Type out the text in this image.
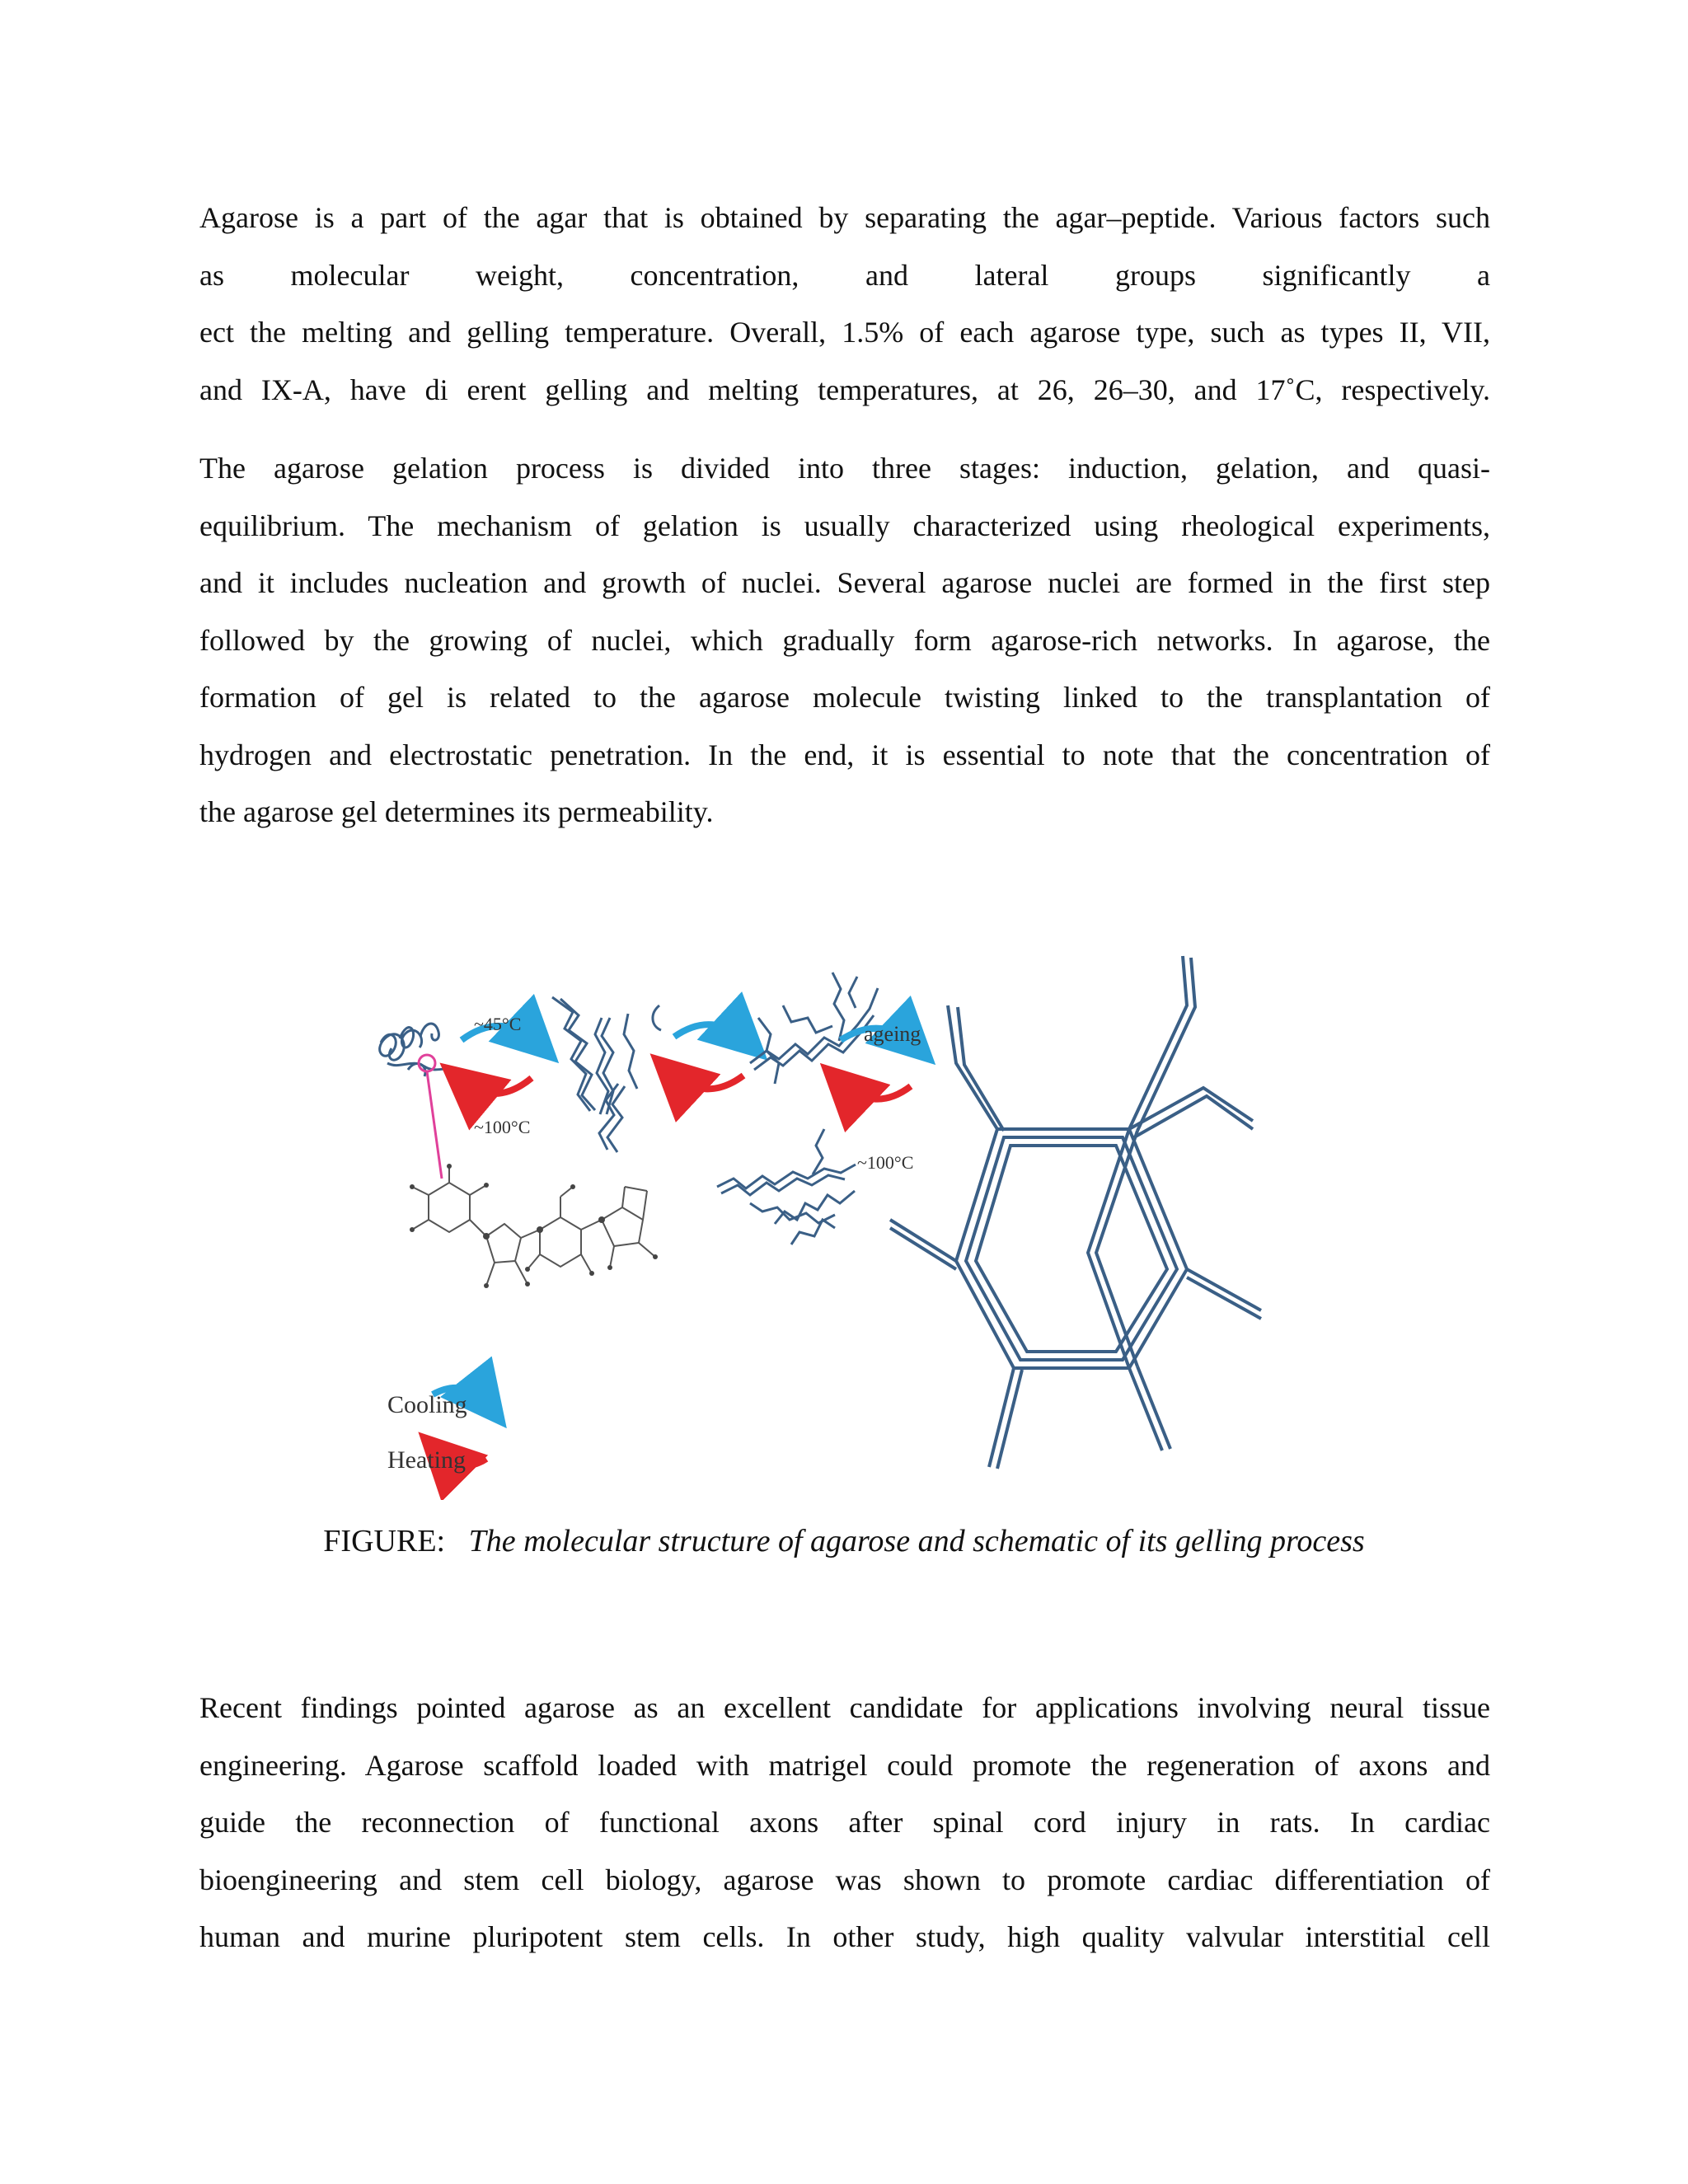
Agarose is a part of the agar that is obtained by separating the agar–peptide. Various factors such
as molecular weight, concentration, and lateral groups significantly a
ect the melting and gelling temperature. Overall, 1.5% of each agarose type, such as types II, VII,
and IX-A, have di erent gelling and melting temperatures, at 26, 26–30, and 17˚C, respectively.
The agarose gelation process is divided into three stages: induction, gelation, and quasi-
equilibrium. The mechanism of gelation is usually characterized using rheological experiments,
and it includes nucleation and growth of nuclei. Several agarose nuclei are formed in the first step
followed by the growing of nuclei, which gradually form agarose-rich networks. In agarose, the
formation of gel is related to the agarose molecule twisting linked to the transplantation of
hydrogen and electrostatic penetration. In the end, it is essential to note that the concentration of
the agarose gel determines its permeability.
~45°C
~100°C
ageing
~100°C
Cooling
Heating
FIGURE:   The molecular structure of agarose and schematic of its gelling process
Recent findings pointed agarose as an excellent candidate for applications involving neural tissue
engineering. Agarose scaffold loaded with matrigel could promote the regeneration of axons and
guide the reconnection of functional axons after spinal cord injury in rats. In cardiac
bioengineering and stem cell biology, agarose was shown to promote cardiac differentiation of
human and murine pluripotent stem cells. In other study, high quality valvular interstitial cell
